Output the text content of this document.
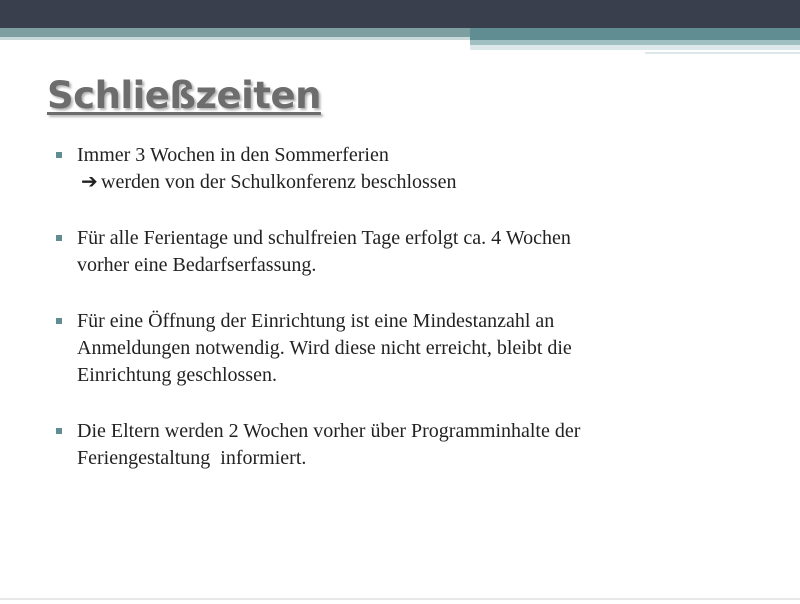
Schließzeiten
Immer 3 Wochen in den Sommerferien
➔ werden von der Schulkonferenz beschlossen
Für alle Ferientage und schulfreien Tage erfolgt ca. 4 Wochen
vorher eine Bedarfserfassung.
Für eine Öffnung der Einrichtung ist eine Mindestanzahl an
Anmeldungen notwendig. Wird diese nicht erreicht, bleibt die
Einrichtung geschlossen.
Die Eltern werden 2 Wochen vorher über Programminhalte der
Feriengestaltung  informiert.
